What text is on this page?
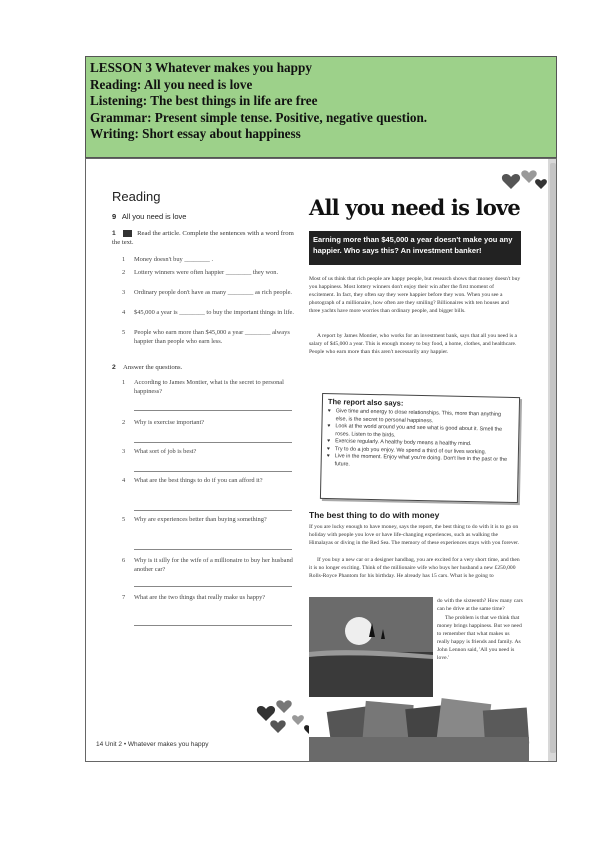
LESSON 3 Whatever makes you happy
Reading: All you need is love
Listening: The best things in life are free
Grammar: Present simple tense. Positive, negative question.
Writing: Short essay about happiness
Reading
9 All you need is love
1	Read the article. Complete the sentences with a word from the text.
1	Money doesn't buy ________ .
2	Lottery winners were often happier ________ they won.
3	Ordinary people don't have as many ________ as rich people.
4	$45,000 a year is ________ to buy the important things in life.
5	People who earn more than $45,000 a year ________ always happier than people who earn less.
2 Answer the questions.
1	According to James Montier, what is the secret to personal happiness?
2	Why is exercise important?
3	What sort of job is best?
4	What are the best things to do if you can afford it?
5	Why are experiences better than buying something?
6	Why is it silly for the wife of a millionaire to buy her husband another car?
7	What are the two things that really make us happy?
14 Unit 2 • Whatever makes you happy
All you need is love
Earning more than $45,000 a year doesn't make you any happier. Who says this? An investment banker!
Most of us think that rich people are happy people, but research shows that money doesn't buy you happiness. Most lottery winners don't enjoy their win after the first moment of excitement. In fact, they often say they were happier before they won. When you see a photograph of a millionaire, how often are they smiling? Billionaires with ten houses and three yachts have more worries than ordinary people, and bigger bills.
A report by James Montier, who works for an investment bank, says that all you need is a salary of $45,000 a year. This is enough money to buy food, a home, clothes, and healthcare. People who earn more than this aren't necessarily any happier.
The report also says:
♥ Give time and energy to close relationships. This, more than anything else, is the secret to personal happiness.
♥ Look at the world around you and see what is good about it. Smell the roses. Listen to the birds.
♥ Exercise regularly. A healthy body means a healthy mind.
♥ Try to do a job you enjoy. We spend a third of our lives working.
♥ Live in the moment. Enjoy what you're doing. Don't live in the past or the future.
The best thing to do with money
If you are lucky enough to have money, says the report, the best thing to do with it is to go on holiday with people you love or have life-changing experiences, such as walking the Himalayas or diving in the Red Sea. The memory of these experiences stays with you forever.
If you buy a new car or a designer handbag, you are excited for a very short time, and then it is no longer exciting. Think of the millionaire wife who buys her husband a new £250,000 Rolls-Royce Phantom for his birthday. He already has 15 cars. What is he going to
do with the sixteenth? How many cars can he drive at the same time?
The problem is that we think that money brings happiness. But we need to remember that what makes us really happy is friends and family. As John Lennon said, 'All you need is love.'
